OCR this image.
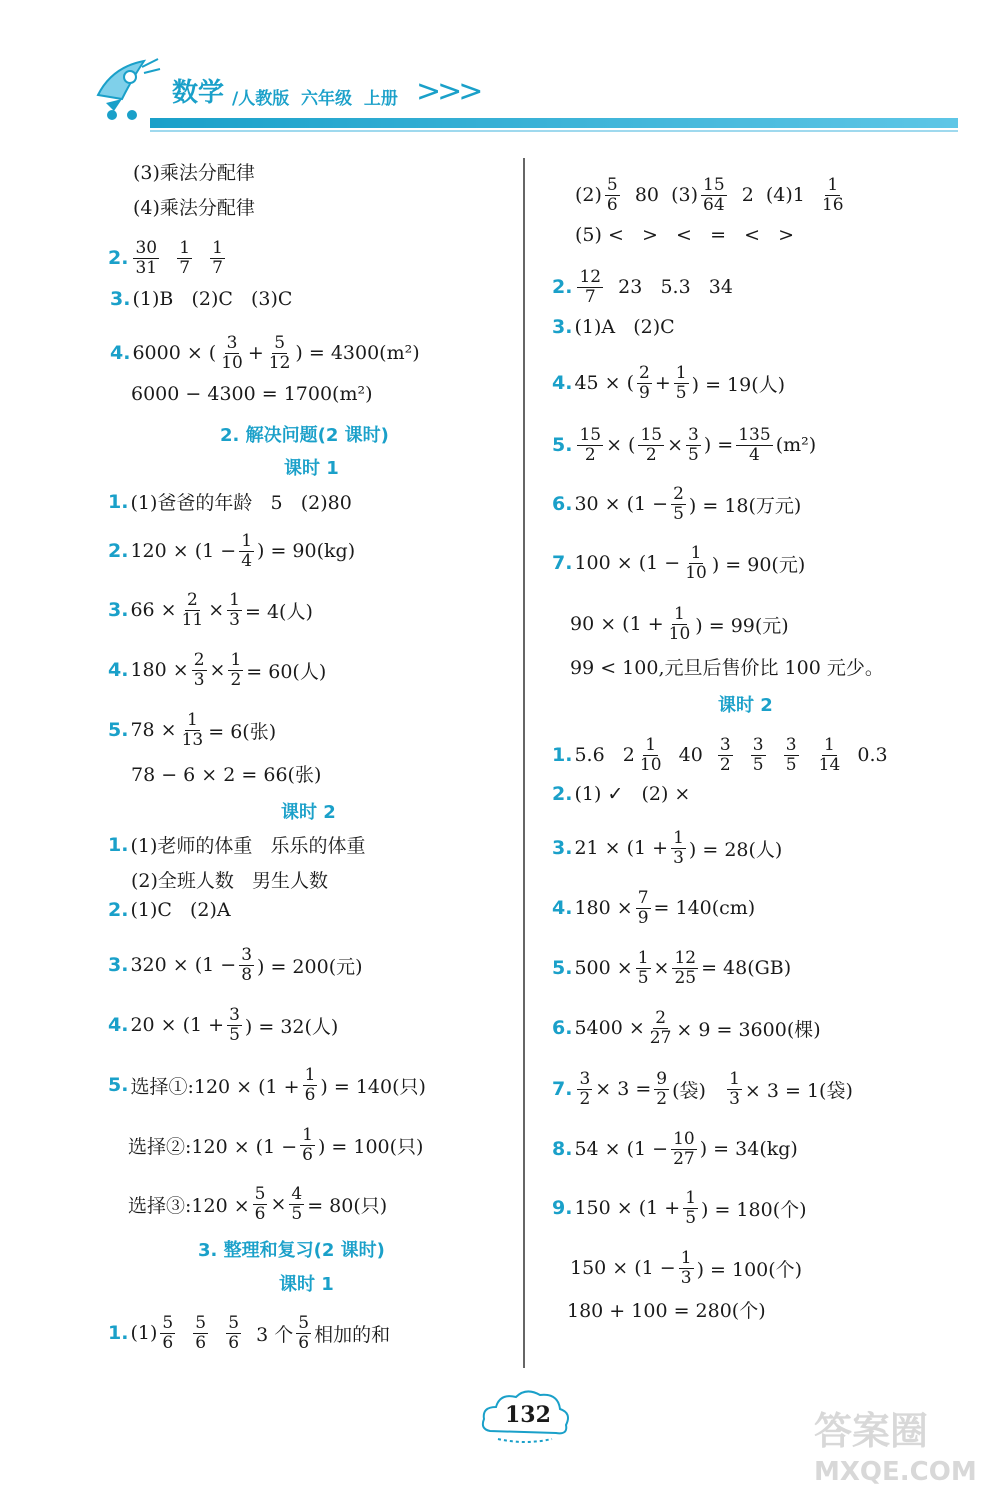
数学 /人教版  六年级  上册 >>>
(3)乘法分配律
(4)乘法分配律
2. $\frac{30}{31}$
$\frac{1}{7}$
$\frac{1}{7}$
3. (1)B   (2)C   (3)C
4. 6000 × ( $\frac{3}{10} + \frac{5}{12}$ ) = 4300(m²)
6000 − 4300 = 1700(m²)
2. 解决问题(2 课时)
课时 1
1. (1)爸爸的年龄   5   (2)80
2. $120 \times (1 - \frac{1}{4}$ ) = 90(kg)
3. $66 \times \frac{2}{11} \times \frac{1}{3} = 4$(人)
4. $180 \times \frac{2}{3} \times \frac{1}{2} = 60$(人)
5. $78 \times \frac{1}{13} = 6$(张)
78 − 6 × 2 = 66(张)
课时 2
1. (1)老师的体重   乐乐的体重
(2)全班人数   男生人数
2. (1)C   (2)A
3. $320 \times (1 - \frac{3}{8}$ ) = 200(元)
4. $20 \times (1 + \frac{3}{5}$ ) = 32(人)
5. 选择①:120 × ($1 + \frac{1}{6}$ ) = 140(只)
选择②:120 × ($1 - \frac{1}{6}$ ) = 100(只)
选择③:120 × $\frac{5}{6} \times \frac{4}{5} = 80$(只)
3. 整理和复习(2 课时)
课时 1
1. $(1) \frac{5}{6}$
$\frac{5}{6}$
$\frac{5}{6} 3$ 个 $\frac{5}{6}$ 相加的和
$(2) \frac{5}{6} 80$  $(3) \frac{15}{64} 2$  $(4)1 \frac{1}{16}$
(5) <   >   <   =   <   >
2. $\frac{12}{7} 23$   5.3   34
3. (1)A   (2)C
4. 45 × ( $\frac{2}{9} + \frac{1}{5}$ ) = 19(人)
5. $\frac{15}{2}$ × ( $\frac{15}{2} \times \frac{3}{5}$ ) = $\frac{135}{4} (m^2)$
6. $30 \times (1 - \frac{2}{5}$ ) = 18(万元)
7. $100 \times (1 - \frac{1}{10}$ ) = 90(元)
$90 \times (1 + \frac{1}{10}$ ) = 99(元)
99 < 100,元旦后售价比 100 元少。
课时 2
1. 5.6   $2 \frac{1}{10} 40 \frac{3}{2}$
$\frac{3}{5}$
$\frac{3}{5}$
$\frac{1}{14} 0.3$
2. (1) ✓   (2) ×
3. $21 \times (1 + \frac{1}{3}$ ) = 28(人)
4. $180 \times \frac{7}{9} = 140(cm)$
5. $500 \times \frac{1}{5} \times \frac{12}{25} = 48(GB)$
6. $5400 \times \frac{2}{27} \times 9 = 3600$(棵)
7. $\frac{3}{2} \times 3 = \frac{9}{2}$ (袋) $\frac{1}{3} \times 3 = 1$(袋)
8. $54 \times (1 - \frac{10}{27}$ ) = 34(kg)
9. $150 \times (1 + \frac{1}{5}$ ) = 180(个)
$150 \times (1 - \frac{1}{3}$ ) = 100(个)
180 + 100 = 280(个)
132	答案圈
MXQE.COM
